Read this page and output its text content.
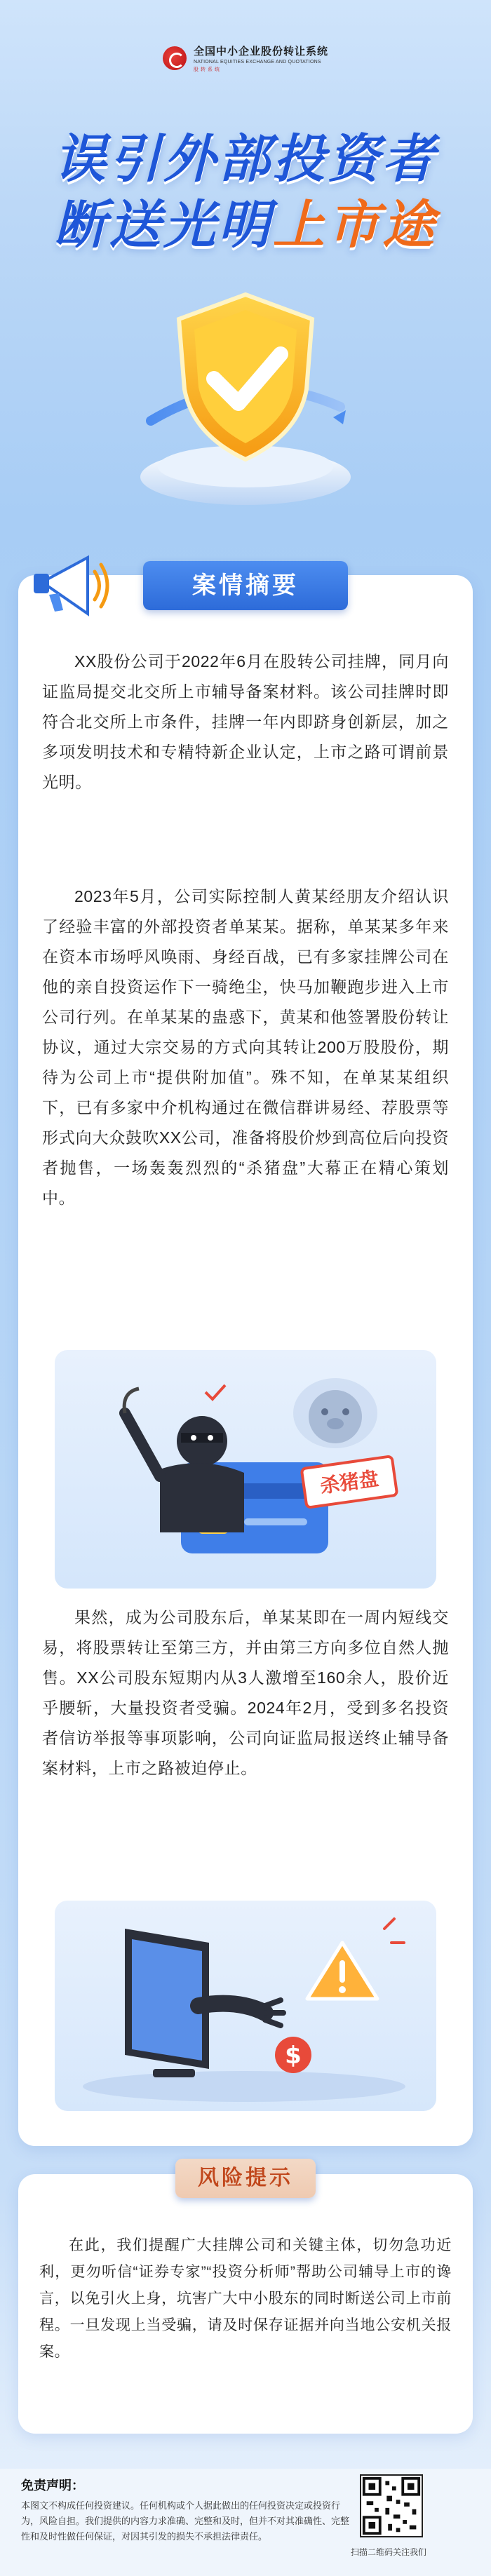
全国中小企业股份转让系统
NATIONAL EQUITIES EXCHANGE AND QUOTATIONS
股转系统
误引外部投资者
断送光明上市途
案情摘要
XX股份公司于2022年6月在股转公司挂牌，同月向证监局提交北交所上市辅导备案材料。该公司挂牌时即符合北交所上市条件，挂牌一年内即跻身创新层，加之多项发明技术和专精特新企业认定，上市之路可谓前景光明。
2023年5月，公司实际控制人黄某经朋友介绍认识了经验丰富的外部投资者单某某。据称，单某某多年来在资本市场呼风唤雨、身经百战，已有多家挂牌公司在他的亲自投资运作下一骑绝尘，快马加鞭跑步进入上市公司行列。在单某某的蛊惑下，黄某和他签署股份转让协议，通过大宗交易的方式向其转让200万股股份，期待为公司上市“提供附加值”。殊不知，在单某某组织下，已有多家中介机构通过在微信群讲易经、荐股票等形式向大众鼓吹XX公司，准备将股价炒到高位后向投资者抛售，一场轰轰烈烈的“杀猪盘”大幕正在精心策划中。
杀猪盘
果然，成为公司股东后，单某某即在一周内短线交易，将股票转让至第三方，并由第三方向多位自然人抛售。XX公司股东短期内从3人激增至160余人，股价近乎腰斩，大量投资者受骗。2024年2月，受到多名投资者信访举报等事项影响，公司向证监局报送终止辅导备案材料，上市之路被迫停止。
$
风险提示
在此，我们提醒广大挂牌公司和关键主体，切勿急功近利，更勿听信“证券专家”“投资分析师”帮助公司辅导上市的谗言，以免引火上身，坑害广大中小股东的同时断送公司上市前程。一旦发现上当受骗，请及时保存证据并向当地公安机关报案。
免责声明：
本图文不构成任何投资建议。任何机构或个人据此做出的任何投资决定或投资行为，风险自担。我们提供的内容力求准确、完整和及时，但并不对其准确性、完整性和及时性做任何保证，对因其引发的损失不承担法律责任。
扫描二维码关注我们
